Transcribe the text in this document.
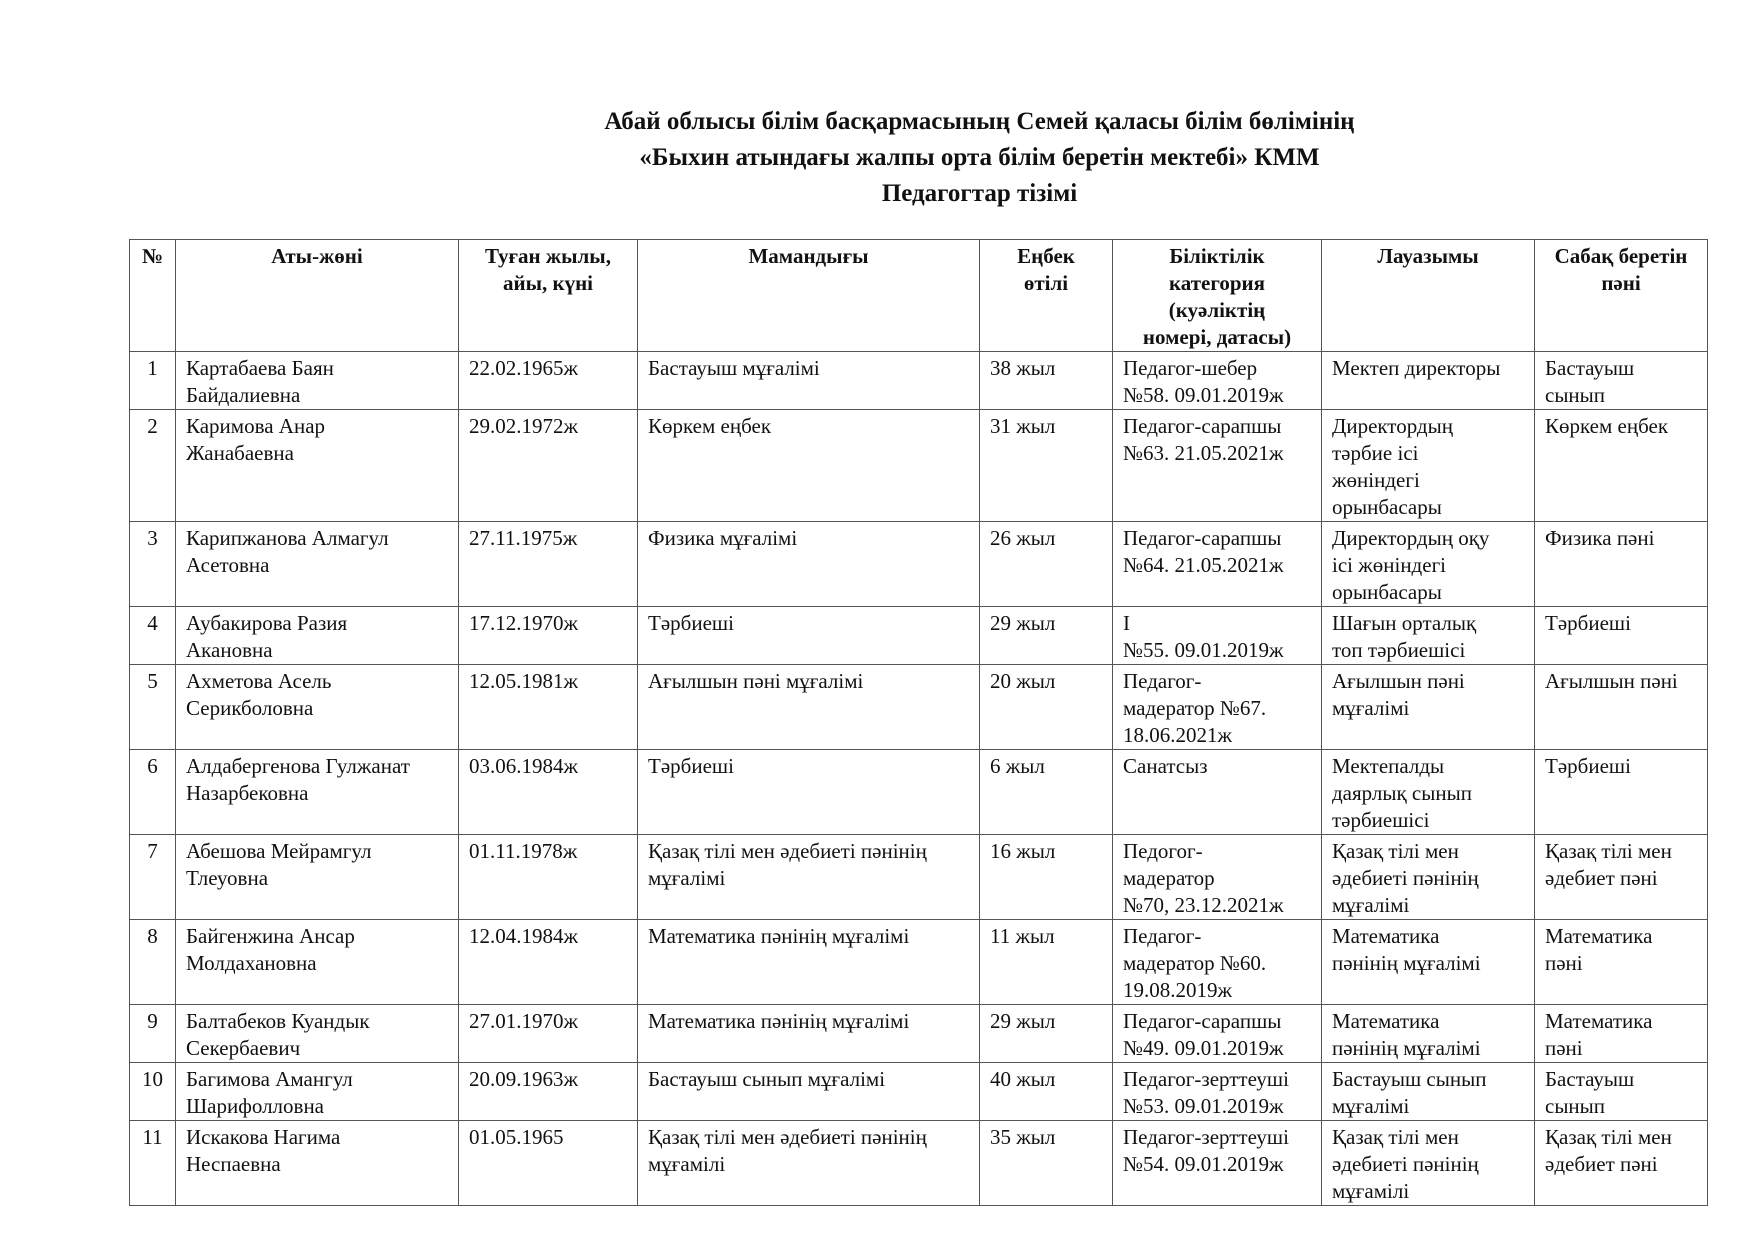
Абай облысы білім басқармасының Семей қаласы білім бөлімінің
«Быхин атындағы жалпы орта білім беретін мектебі» КММ
Педагогтар тізімі
№	Аты-жөні	Туған жылы,
айы, күні	Мамандығы	Еңбек
өтілі	Біліктілік
категория
(куәліктің
номері, датасы)	Лауазымы	Сабақ беретін
пәні
1	Картабаева Баян
Байдалиевна	22.02.1965ж	Бастауыш мұғалімі	38 жыл	Педагог-шебер
№58. 09.01.2019ж	Мектеп директоры	Бастауыш
сынып
2	Каримова Анар
Жанабаевна	29.02.1972ж	Көркем еңбек	31 жыл	Педагог-сарапшы
№63. 21.05.2021ж	Директордың
тәрбие ісі
жөніндегі
орынбасары	Көркем еңбек
3	Карипжанова Алмагул
Асетовна	27.11.1975ж	Физика мұғалімі	26 жыл	Педагог-сарапшы
№64. 21.05.2021ж	Директордың оқу
ісі жөніндегі
орынбасары	Физика пәні
4	Аубакирова Разия
Акановна	17.12.1970ж	Тәрбиеші	29 жыл	І
№55. 09.01.2019ж	Шағын орталық
топ тәрбиешісі	Тәрбиеші
5	Ахметова Асель
Серикболовна	12.05.1981ж	Ағылшын пәні мұғалімі	20 жыл	Педагог-
мадератор №67.
18.06.2021ж	Ағылшын пәні
мұғалімі	Ағылшын пәні
6	Алдабергенова Гулжанат
Назарбековна	03.06.1984ж	Тәрбиеші	6 жыл	Санатсыз	Мектепалды
даярлық сынып
тәрбиешісі	Тәрбиеші
7	Абешова Мейрамгул
Тлеуовна	01.11.1978ж	Қазақ тілі мен әдебиеті пәнінің
мұғалімі	16 жыл	Педогог-
мадератор
№70, 23.12.2021ж	Қазақ тілі мен
әдебиеті пәнінің
мұғалімі	Қазақ тілі мен
әдебиет пәні
8	Байгенжина Ансар
Молдахановна	12.04.1984ж	Математика пәнінің мұғалімі	11 жыл	Педагог-
мадератор №60.
19.08.2019ж	Математика
пәнінің мұғалімі	Математика
пәні
9	Балтабеков Куандык
Секербаевич	27.01.1970ж	Математика пәнінің мұғалімі	29 жыл	Педагог-сарапшы
№49. 09.01.2019ж	Математика
пәнінің мұғалімі	Математика
пәні
10	Багимова Амангул
Шарифолловна	20.09.1963ж	Бастауыш сынып мұғалімі	40 жыл	Педагог-зерттеуші
№53. 09.01.2019ж	Бастауыш сынып
мұғалімі	Бастауыш
сынып
11	Искакова Нагима
Неспаевна	01.05.1965	Қазақ тілі мен әдебиеті пәнінің
мұғамілі	35 жыл	Педагог-зерттеуші
№54. 09.01.2019ж	Қазақ тілі мен
әдебиеті пәнінің
мұғамілі	Қазақ тілі мен
әдебиет пәні
